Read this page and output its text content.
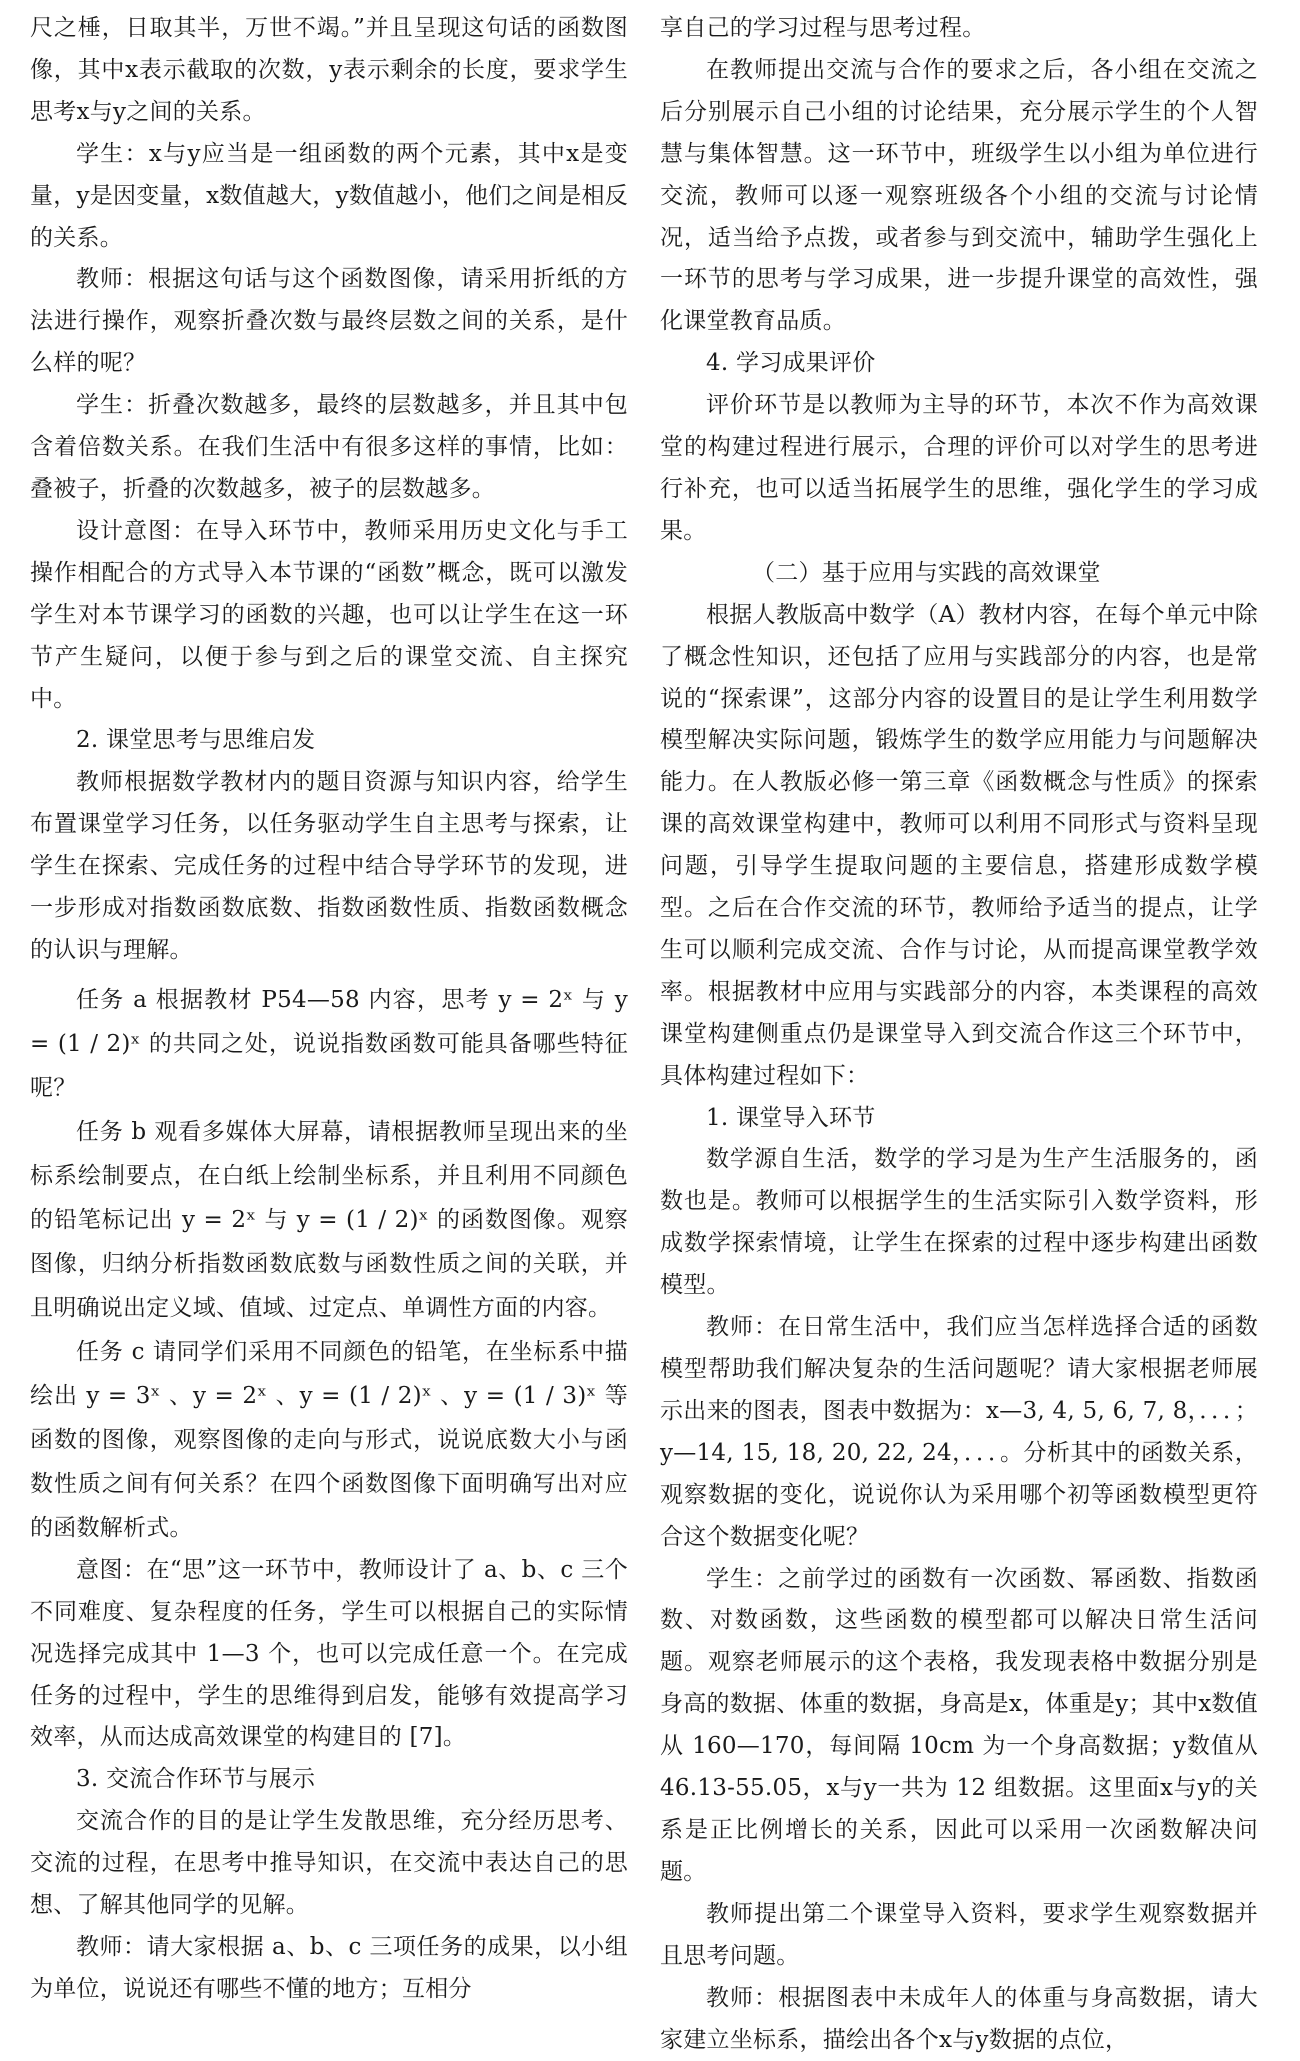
尺之棰，日取其半，万世不竭。”并且呈现这句话的函数图像，其中x表示截取的次数，y表示剩余的长度，要求学生思考x与y之间的关系。

学生：x与y应当是一组函数的两个元素，其中x是变量，y是因变量，x数值越大，y数值越小，他们之间是相反的关系。

教师：根据这句话与这个函数图像，请采用折纸的方法进行操作，观察折叠次数与最终层数之间的关系，是什么样的呢？

学生：折叠次数越多，最终的层数越多，并且其中包含着倍数关系。在我们生活中有很多这样的事情，比如：叠被子，折叠的次数越多，被子的层数越多。

设计意图：在导入环节中，教师采用历史文化与手工操作相配合的方式导入本节课的“函数”概念，既可以激发学生对本节课学习的函数的兴趣，也可以让学生在这一环节产生疑问，以便于参与到之后的课堂交流、自主探究中。

2. 课堂思考与思维启发

教师根据数学教材内的题目资源与知识内容，给学生布置课堂学习任务，以任务驱动学生自主思考与探索，让学生在探索、完成任务的过程中结合导学环节的发现，进一步形成对指数函数底数、指数函数性质、指数函数概念的认识与理解。

任务 a 根据教材 P54—58 内容，思考 y = 2ˣ 与 y = (1 / 2)ˣ 的共同之处，说说指数函数可能具备哪些特征呢？

任务 b 观看多媒体大屏幕，请根据教师呈现出来的坐标系绘制要点，在白纸上绘制坐标系，并且利用不同颜色的铅笔标记出 y = 2ˣ 与 y = (1 / 2)ˣ 的函数图像。观察图像，归纳分析指数函数底数与函数性质之间的关联，并且明确说出定义域、值域、过定点、单调性方面的内容。

任务 c 请同学们采用不同颜色的铅笔，在坐标系中描绘出 y = 3ˣ 、y = 2ˣ 、y = (1 / 2)ˣ 、y = (1 / 3)ˣ 等函数的图像，观察图像的走向与形式，说说底数大小与函数性质之间有何关系？在四个函数图像下面明确写出对应的函数解析式。

意图：在“思”这一环节中，教师设计了 a、b、c 三个不同难度、复杂程度的任务，学生可以根据自己的实际情况选择完成其中 1—3 个，也可以完成任意一个。在完成任务的过程中，学生的思维得到启发，能够有效提高学习效率，从而达成高效课堂的构建目的 [7]。

3. 交流合作环节与展示

交流合作的目的是让学生发散思维，充分经历思考、交流的过程，在思考中推导知识，在交流中表达自己的思想、了解其他同学的见解。

教师：请大家根据 a、b、c 三项任务的成果，以小组为单位，说说还有哪些不懂的地方；互相分

享自己的学习过程与思考过程。

在教师提出交流与合作的要求之后，各小组在交流之后分别展示自己小组的讨论结果，充分展示学生的个人智慧与集体智慧。这一环节中，班级学生以小组为单位进行交流，教师可以逐一观察班级各个小组的交流与讨论情况，适当给予点拨，或者参与到交流中，辅助学生强化上一环节的思考与学习成果，进一步提升课堂的高效性，强化课堂教育品质。

4. 学习成果评价

评价环节是以教师为主导的环节，本次不作为高效课堂的构建过程进行展示，合理的评价可以对学生的思考进行补充，也可以适当拓展学生的思维，强化学生的学习成果。

（二）基于应用与实践的高效课堂

根据人教版高中数学（A）教材内容，在每个单元中除了概念性知识，还包括了应用与实践部分的内容，也是常说的“探索课”，这部分内容的设置目的是让学生利用数学模型解决实际问题，锻炼学生的数学应用能力与问题解决能力。在人教版必修一第三章《函数概念与性质》的探索课的高效课堂构建中，教师可以利用不同形式与资料呈现问题，引导学生提取问题的主要信息，搭建形成数学模型。之后在合作交流的环节，教师给予适当的提点，让学生可以顺利完成交流、合作与讨论，从而提高课堂教学效率。根据教材中应用与实践部分的内容，本类课程的高效课堂构建侧重点仍是课堂导入到交流合作这三个环节中，具体构建过程如下：

1. 课堂导入环节

数学源自生活，数学的学习是为生产生活服务的，函数也是。教师可以根据学生的生活实际引入数学资料，形成数学探索情境，让学生在探索的过程中逐步构建出函数模型。

教师：在日常生活中，我们应当怎样选择合适的函数模型帮助我们解决复杂的生活问题呢？请大家根据老师展示出来的图表，图表中数据为：x—3, 4, 5, 6, 7, 8，．．．； y—14, 15, 18, 20, 22, 24，．．．。分析其中的函数关系，观察数据的变化，说说你认为采用哪个初等函数模型更符合这个数据变化呢？

学生：之前学过的函数有一次函数、幂函数、指数函数、对数函数，这些函数的模型都可以解决日常生活问题。观察老师展示的这个表格，我发现表格中数据分别是身高的数据、体重的数据，身高是x，体重是y；其中x数值从 160—170，每间隔 10cm 为一个身高数据；y数值从 46.13-55.05，x与y一共为 12 组数据。这里面x与y的关系是正比例增长的关系，因此可以采用一次函数解决问题。

教师提出第二个课堂导入资料，要求学生观察数据并且思考问题。

教师：根据图表中未成年人的体重与身高数据，请大家建立坐标系，描绘出各个x与y数据的点位，
